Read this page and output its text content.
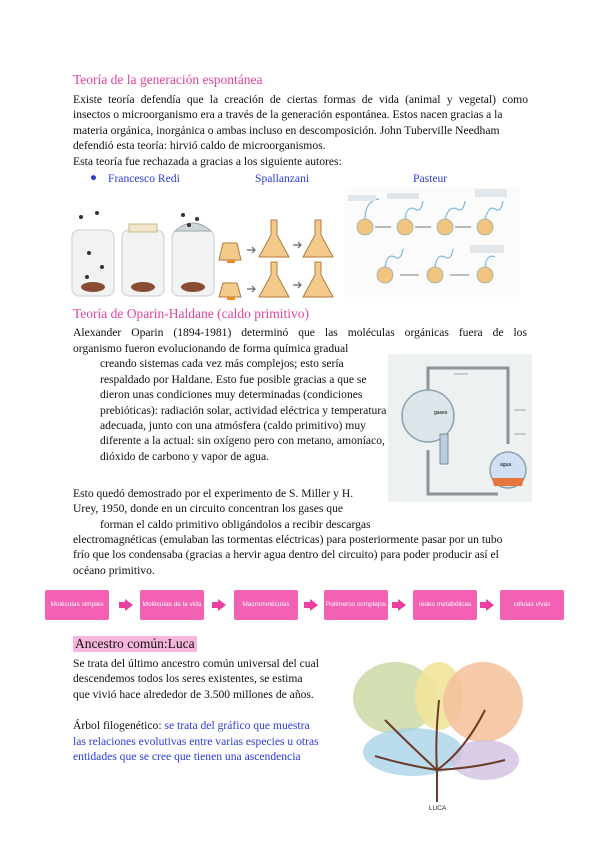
Teoría de la generación espontánea
Existe teoría defendía que la creación de ciertas formas de vida (animal y vegetal) como
insectos o microorganismo era a través de la generación espontánea. Estos nacen gracias a la
materia orgánica, inorgánica o ambas incluso en descomposición. John Tuberville Needham
defendió esta teoría: hirvió caldo de microorganismos.
Esta teoría fue rechazada a gracias a los siguiente autores:
● Francesco Redi	Spallanzani	Pasteur
Teoría de Oparin-Haldane (caldo primitivo)
Alexander Oparin (1894-1981) determinó que las moléculas orgánicas fuera de los
organismo fueron evolucionando de forma química gradual
creando sistemas cada vez más complejos; esto sería
respaldado por Haldane. Esto fue posible gracias a que se
dieron unas condiciones muy determinadas (condiciones
prebióticas): radiación solar, actividad eléctrica y temperatura
adecuada, junto con una atmósfera (caldo primitivo) muy
diferente a la actual: sin oxígeno pero con metano, amoníaco,
dióxido de carbono y vapor de agua.
gases
agua
Esto quedó demostrado por el experimento de S. Miller y H.
Urey, 1950, donde en un circuito concentran los gases que
forman el caldo primitivo obligándolos a recibir descargas
electromagnéticas (emulaban las tormentas eléctricas) para posteriormente pasar por un tubo
frío que los condensaba (gracias a hervir agua dentro del circuito) para poder producir así el
océano primitivo.
Moléculas simples	Moléculas de la vida	Macromoléculas	Polímeros complejos	redes metabólicas	células vivas
Ancestro común:Luca
Se trata del último ancestro común universal del cual
descendemos todos los seres existentes, se estima
que vivió hace alrededor de 3.500 millones de años.
Árbol filogenético: se trata del gráfico que muestra
las relaciones evolutivas entre varias especies u otras
entidades que se cree que tienen una ascendencia
LUCA
